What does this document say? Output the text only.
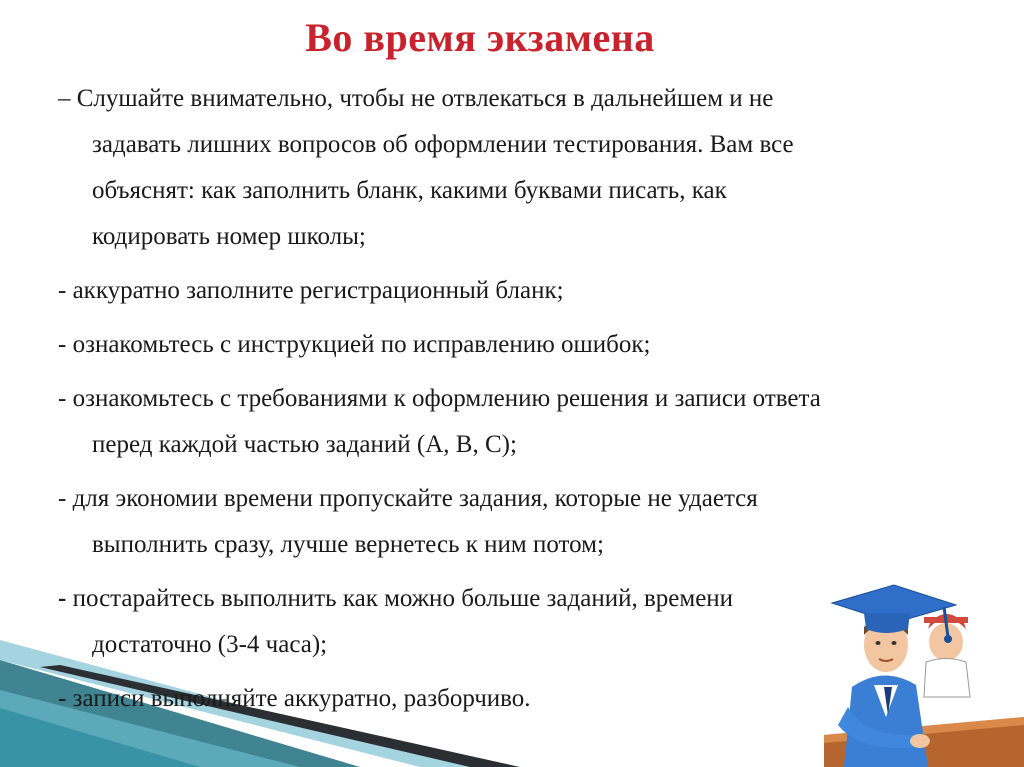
Во время экзамена
– Слушайте внимательно, чтобы не отвлекаться в дальнейшем и не
задавать лишних вопросов об оформлении тестирования. Вам все
объяснят: как заполнить бланк, какими буквами писать, как
кодировать номер школы;
- аккуратно заполните регистрационный бланк;
- ознакомьтесь с инструкцией по исправлению ошибок;
- ознакомьтесь с требованиями к оформлению решения и записи ответа
перед каждой частью заданий (А, В, С);
- для экономии времени пропускайте задания, которые не удается
выполнить сразу, лучше вернетесь к ним потом;
- постарайтесь выполнить как можно больше заданий, времени
достаточно (3-4 часа);
- записи выполняйте аккуратно, разборчиво.
